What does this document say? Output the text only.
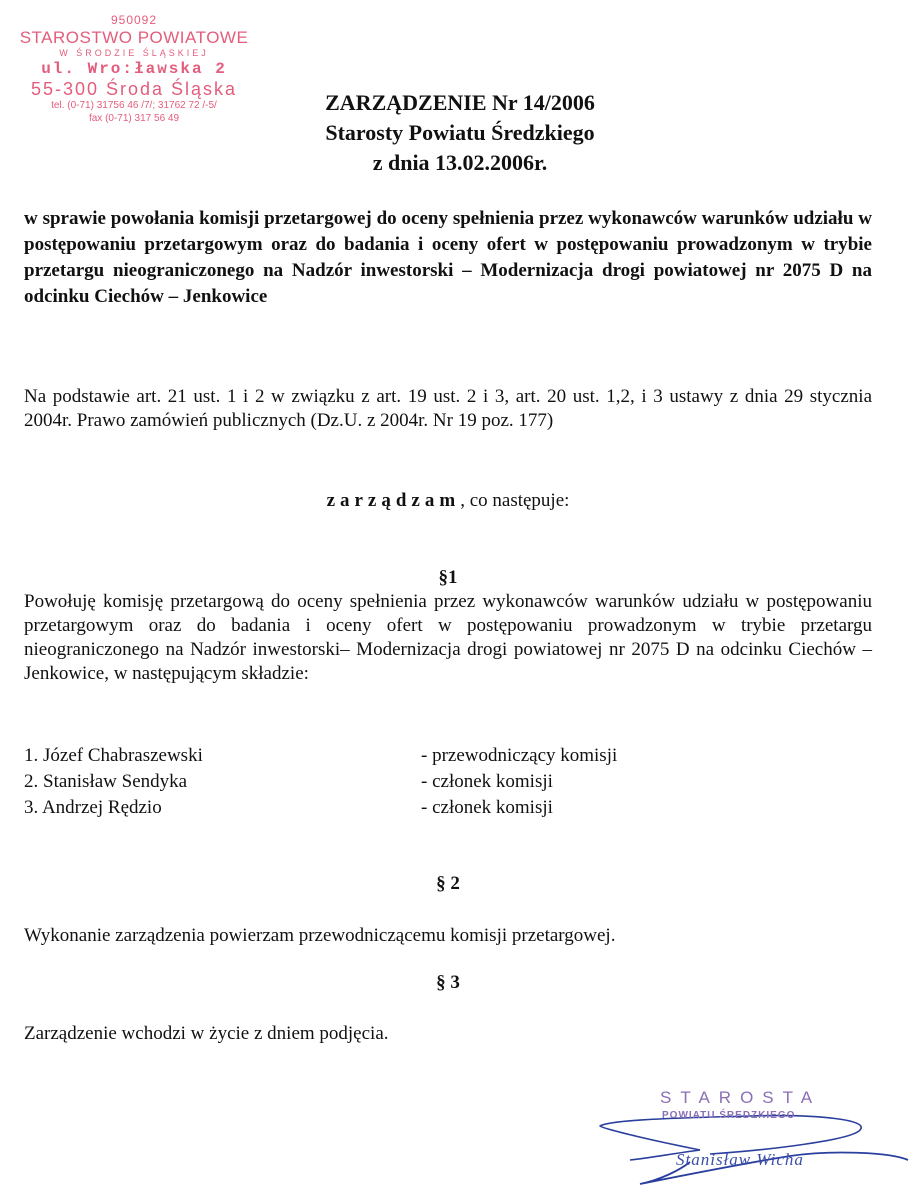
950092
STAROSTWO POWIATOWE
W ŚRODZIE ŚLĄSKIEJ
ul. Wro:ławska 2
55-300 Środa Śląska
tel. (0-71) 31756 46 /7/; 31762 72 /-5/
fax (0-71) 317 56 49
ZARZĄDZENIE Nr 14/2006
Starosty Powiatu Średzkiego
z dnia 13.02.2006r.
w sprawie powołania komisji przetargowej do oceny spełnienia przez wykonawców warunków udziału w postępowaniu przetargowym oraz do badania i oceny ofert w postępowaniu prowadzonym w trybie przetargu nieograniczonego na Nadzór inwestorski – Modernizacja drogi powiatowej nr 2075 D na odcinku Ciechów – Jenkowice
Na podstawie art. 21 ust. 1 i 2 w związku z art. 19 ust. 2 i 3, art. 20 ust. 1,2, i 3 ustawy z dnia 29 stycznia 2004r. Prawo zamówień publicznych (Dz.U. z 2004r. Nr 19 poz. 177)
zarządzam, co następuje:
§1
Powołuję komisję przetargową do oceny spełnienia przez wykonawców warunków udziału w postępowaniu przetargowym oraz do badania i oceny ofert w postępowaniu prowadzonym w trybie przetargu nieograniczonego na Nadzór inwestorski– Modernizacja drogi powiatowej nr 2075 D na odcinku Ciechów – Jenkowice, w następującym składzie:
1. Józef Chabraszewski	- przewodniczący komisji
2. Stanisław Sendyka	- członek komisji
3. Andrzej Rędzio	- członek komisji
§ 2
Wykonanie zarządzenia powierzam przewodniczącemu komisji przetargowej.
§ 3
Zarządzenie wchodzi w życie z dniem podjęcia.
STAROSTA
POWIATU ŚREDZKIEGO
Stanisław Wicha
